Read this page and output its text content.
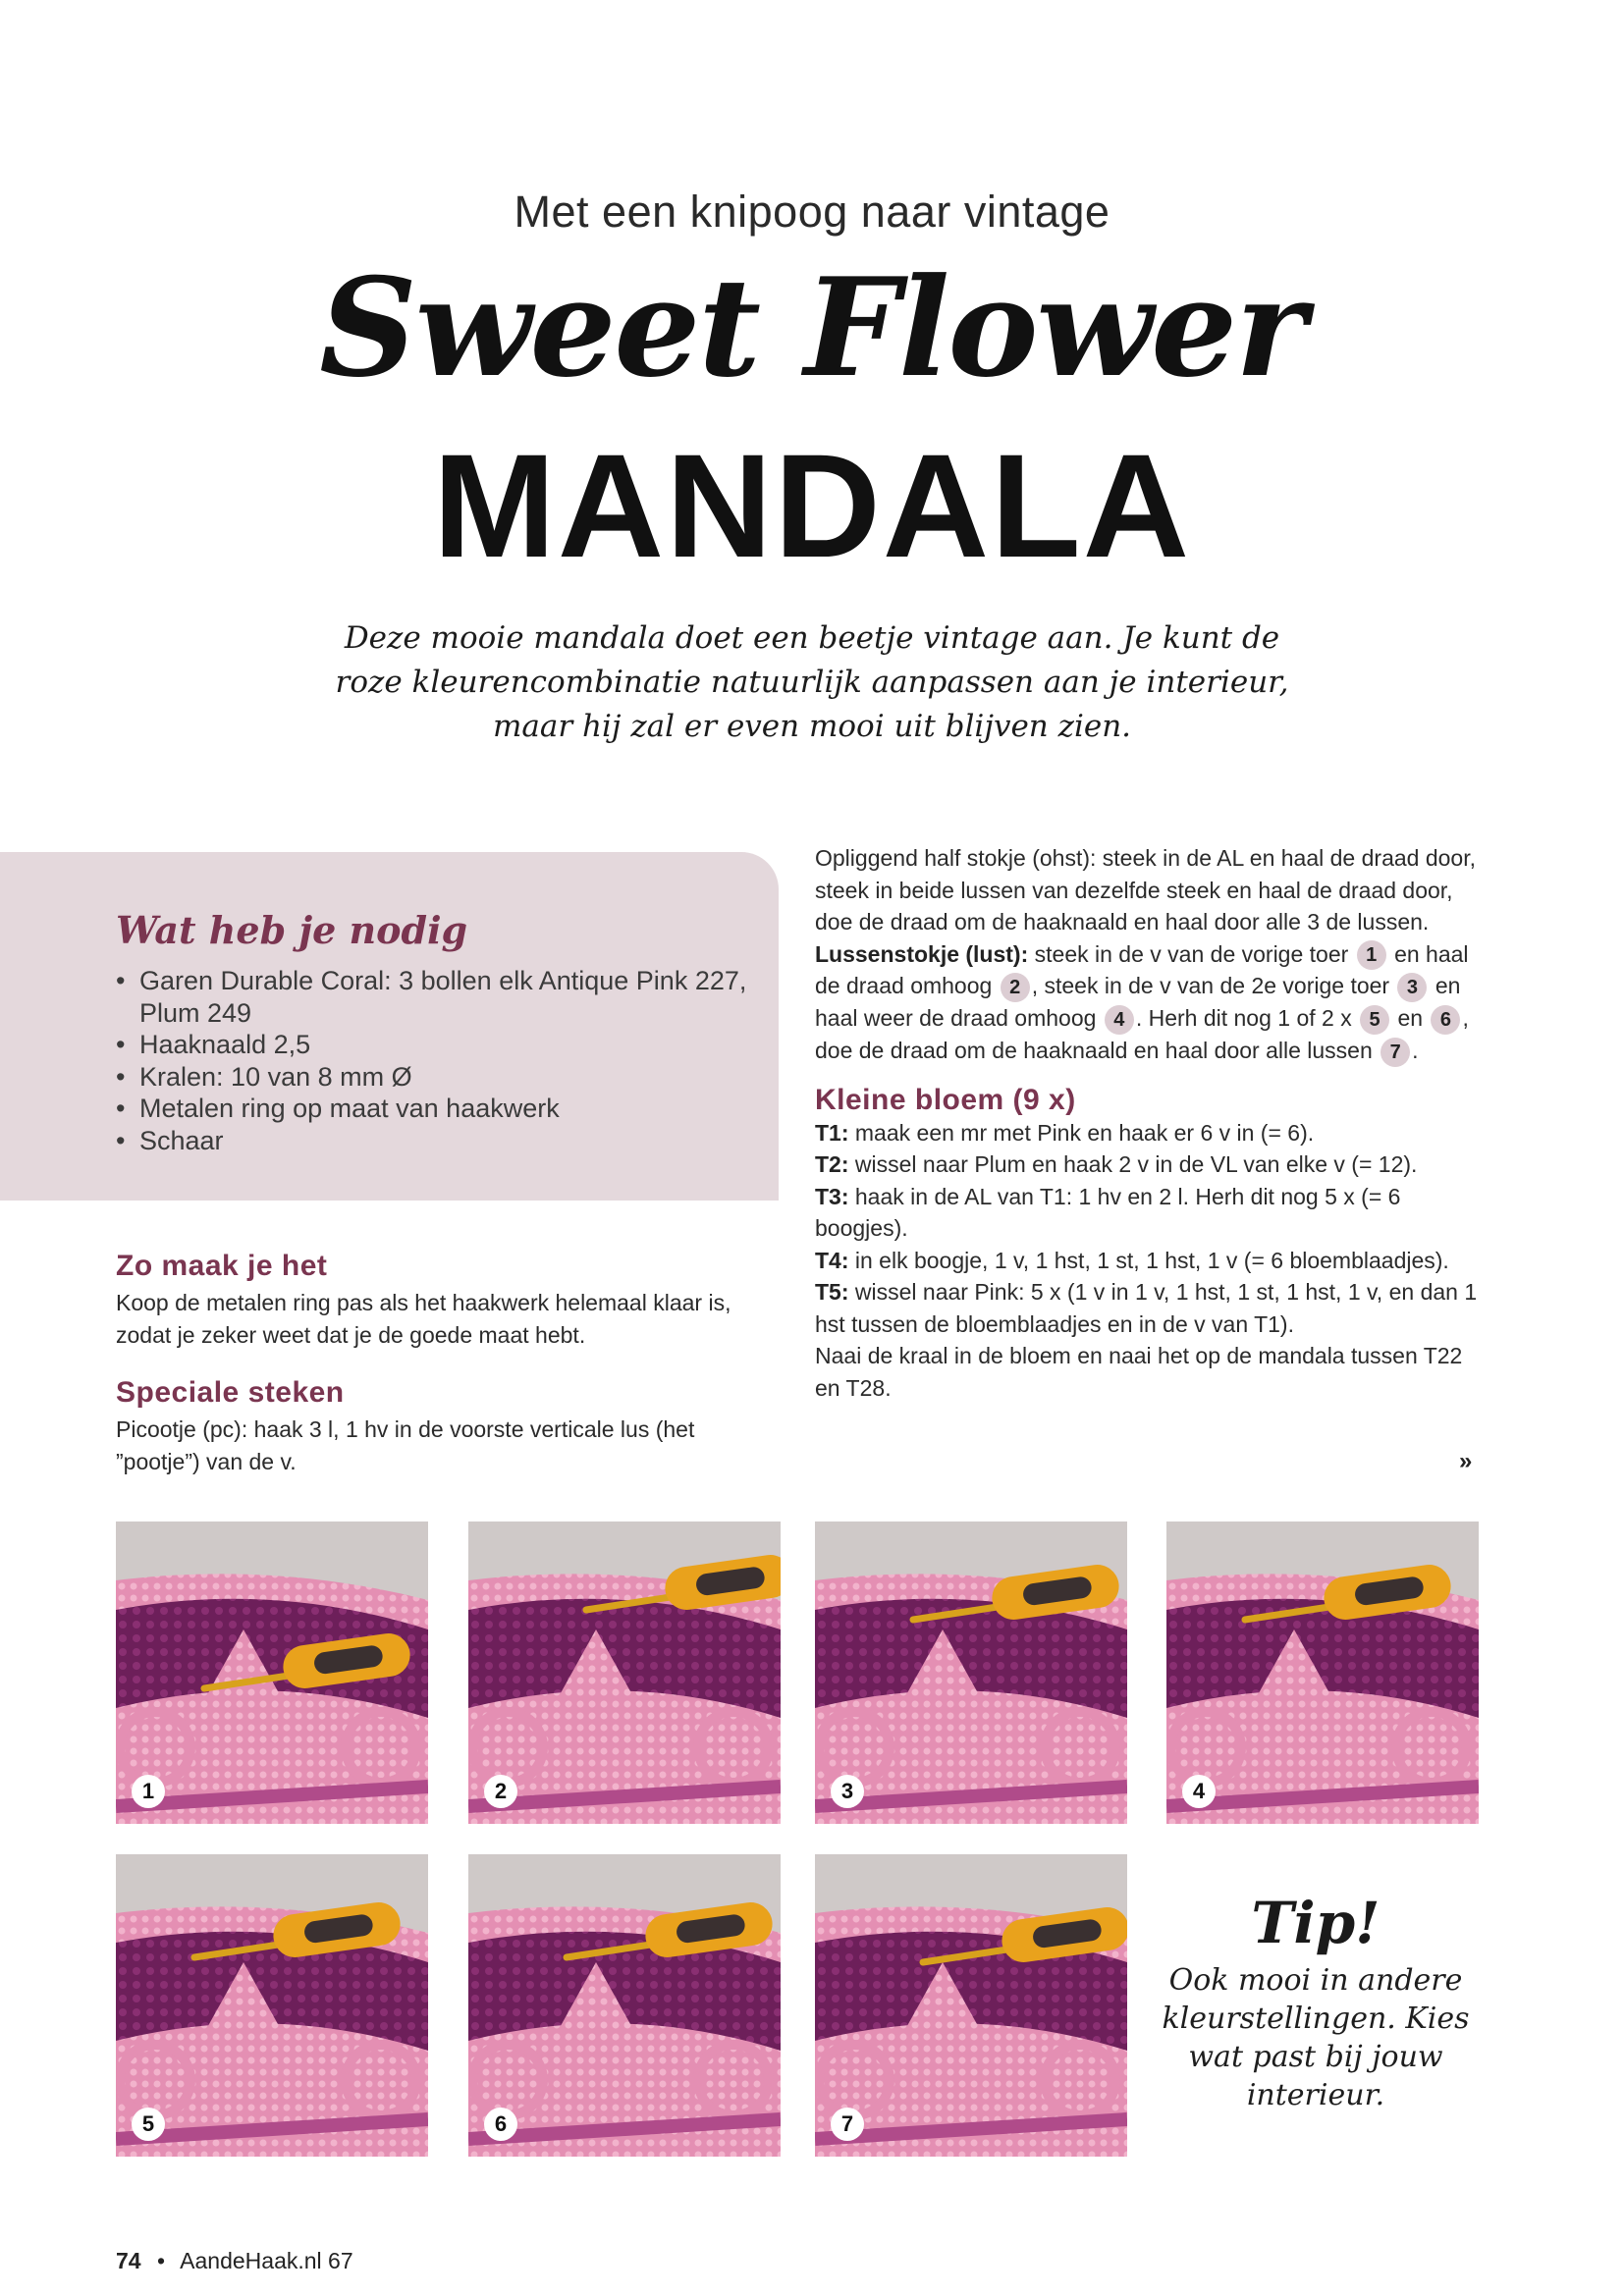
Met een knipoog naar vintage
Sweet Flower
MANDALA
Deze mooie mandala doet een beetje vintage aan. Je kunt de
roze kleurencombinatie natuurlijk aanpassen aan je interieur,
maar hij zal er even mooi uit blijven zien.
Wat heb je nodig
• Garen Durable Coral: 3 bollen elk Antique Pink 227, Plum 249
• Haaknaald 2,5
• Kralen: 10 van 8 mm Ø
• Metalen ring op maat van haakwerk
• Schaar
Zo maak je het
Koop de metalen ring pas als het haakwerk helemaal klaar is, zodat je zeker weet dat je de goede maat hebt.
Speciale steken
Picootje (pc): haak 3 l, 1 hv in de voorste verticale lus (het ”pootje”) van de v.
Opliggend half stokje (ohst): steek in de AL en haal de draad door, steek in beide lussen van dezelfde steek en haal de draad door, doe de draad om de haaknaald en haal door alle 3 de lussen.
Lussenstokje (lust): steek in de v van de vorige toer 1 en haal de draad omhoog 2 , steek in de v van de 2e vorige toer 3 en haal weer de draad omhoog 4 . Herh dit nog 1 of 2 x 5 en 6 , doe de draad om de haaknaald en haal door alle lussen 7 .
Kleine bloem (9 x)
T1: maak een mr met Pink en haak er 6 v in (= 6).
T2: wissel naar Plum en haak 2 v in de VL van elke v (= 12).
T3: haak in de AL van T1: 1 hv en 2 l. Herh dit nog 5 x (= 6 boogjes).
T4: in elk boogje, 1 v, 1 hst, 1 st, 1 hst, 1 v (= 6 bloemblaadjes).
T5: wissel naar Pink: 5 x (1 v in 1 v, 1 hst, 1 st, 1 hst, 1 v, en dan 1 hst tussen de bloemblaadjes en in de v van T1).
Naai de kraal in de bloem en naai het op de mandala tussen T22 en T28.
»
1	2	3	4
5	6	7
Tip!
Ook mooi in andere kleurstellingen. Kies wat past bij jouw interieur.
74 • AandeHaak.nl 67
